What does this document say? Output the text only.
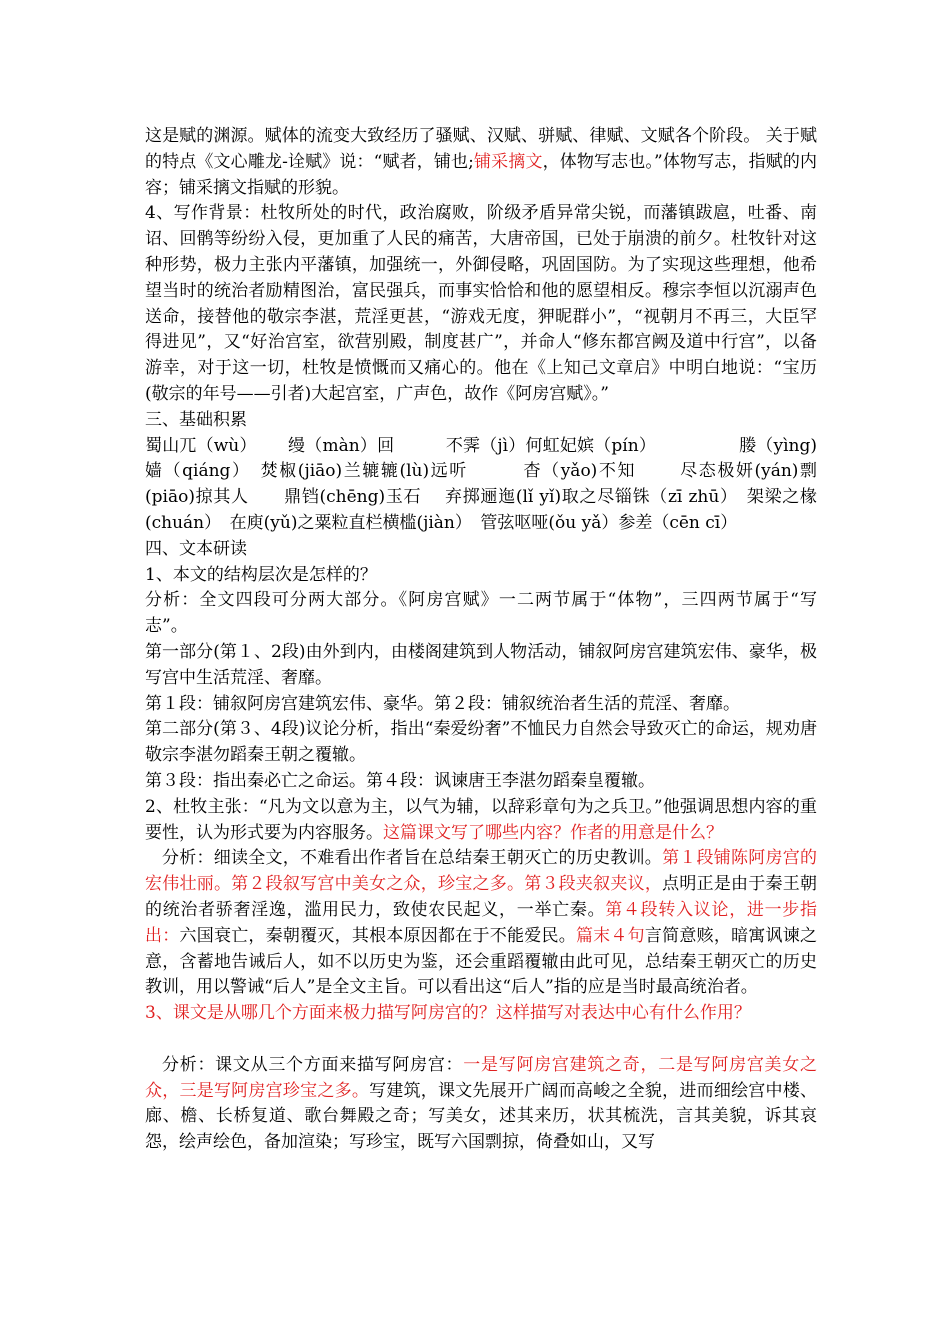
这是赋的渊源。赋体的流变大致经历了骚赋、汉赋、骈赋、律赋、文赋各个阶段。 关于赋的特点《文心雕龙-诠赋》说：“赋者，铺也;铺采摛文，体物写志也。”体物写志，指赋的内容；铺采摛文指赋的形貌。

4、写作背景：杜牧所处的时代，政治腐败，阶级矛盾异常尖锐，而藩镇跋扈，吐番、南诏、回鹘等纷纷入侵，更加重了人民的痛苦，大唐帝国，已处于崩溃的前夕。杜牧针对这种形势，极力主张内平藩镇，加强统一，外御侵略，巩固国防。为了实现这些理想，他希望当时的统治者励精图治，富民强兵，而事实恰恰和他的愿望相反。穆宗李恒以沉溺声色送命，接替他的敬宗李湛，荒淫更甚，“游戏无度，狎昵群小”，“视朝月不再三，大臣罕得进见”，又“好治宫室，欲营别殿，制度甚广”，并命人“修东都宫阙及道中行宫”，以备游幸，对于这一切，杜牧是愤慨而又痛心的。他在《上知己文章启》中明白地说：“宝历(敬宗的年号——引者)大起宫室，广声色，故作《阿房宫赋》。”

三、基础积累

蜀山兀（wù）　　 缦（màn）回　　　不霁（jì）何虹妃嫔（pín）　　　　　 媵（yìng)嫱（qiáng）　焚椒(jiāo)兰辘辘(lù)远听　　　杳（yǎo)不知　　 尽态极妍(yán)剽(piāo)掠其人　　鼎铛(chēng)玉石　 弃掷逦迤(lǐ yǐ)取之尽锱铢（zī zhū）　架梁之椽(chuán）　在庾(yǔ)之粟粒直栏横槛(jiàn）　管弦呕哑(ǒu yǎ）参差（cēn cī）

四、文本研读

1、本文的结构层次是怎样的？

分析：全文四段可分两大部分。《阿房宫赋》一二两节属于“体物”，三四两节属于“写志”。

第一部分(第１、2段)由外到内，由楼阁建筑到人物活动，铺叙阿房宫建筑宏伟、豪华，极写宫中生活荒淫、奢靡。

第１段：铺叙阿房宫建筑宏伟、豪华。第２段：铺叙统治者生活的荒淫、奢靡。

第二部分(第３、4段)议论分析，指出“秦爱纷奢”不恤民力自然会导致灭亡的命运，规劝唐敬宗李湛勿蹈秦王朝之覆辙。

第３段：指出秦必亡之命运。第４段：讽谏唐王李湛勿蹈秦皇覆辙。

2、杜牧主张：“凡为文以意为主，以气为辅，以辞彩章句为之兵卫。”他强调思想内容的重要性，认为形式要为内容服务。这篇课文写了哪些内容？作者的用意是什么？

分析：细读全文，不难看出作者旨在总结秦王朝灭亡的历史教训。第１段铺陈阿房宫的宏伟壮丽。第２段叙写宫中美女之众，珍宝之多。第３段夹叙夹议，点明正是由于秦王朝的统治者骄奢淫逸，滥用民力，致使农民起义，一举亡秦。第４段转入议论，进一步指出：六国衰亡，秦朝覆灭，其根本原因都在于不能爱民。篇末４句言简意赅，暗寓讽谏之意，含蓄地告诫后人，如不以历史为鉴，还会重蹈覆辙由此可见，总结秦王朝灭亡的历史教训，用以警诫“后人”是全文主旨。可以看出这“后人”指的应是当时最高统治者。

3、课文是从哪几个方面来极力描写阿房宫的？这样描写对表达中心有什么作用？

分析：课文从三个方面来描写阿房宫：一是写阿房宫建筑之奇，二是写阿房宫美女之众，三是写阿房宫珍宝之多。写建筑，课文先展开广阔而高峻之全貌，进而细绘宫中楼、廊、檐、长桥复道、歌台舞殿之奇；写美女，述其来历，状其梳洗，言其美貌，诉其哀怨，绘声绘色，备加渲染；写珍宝，既写六国剽掠，倚叠如山，又写
